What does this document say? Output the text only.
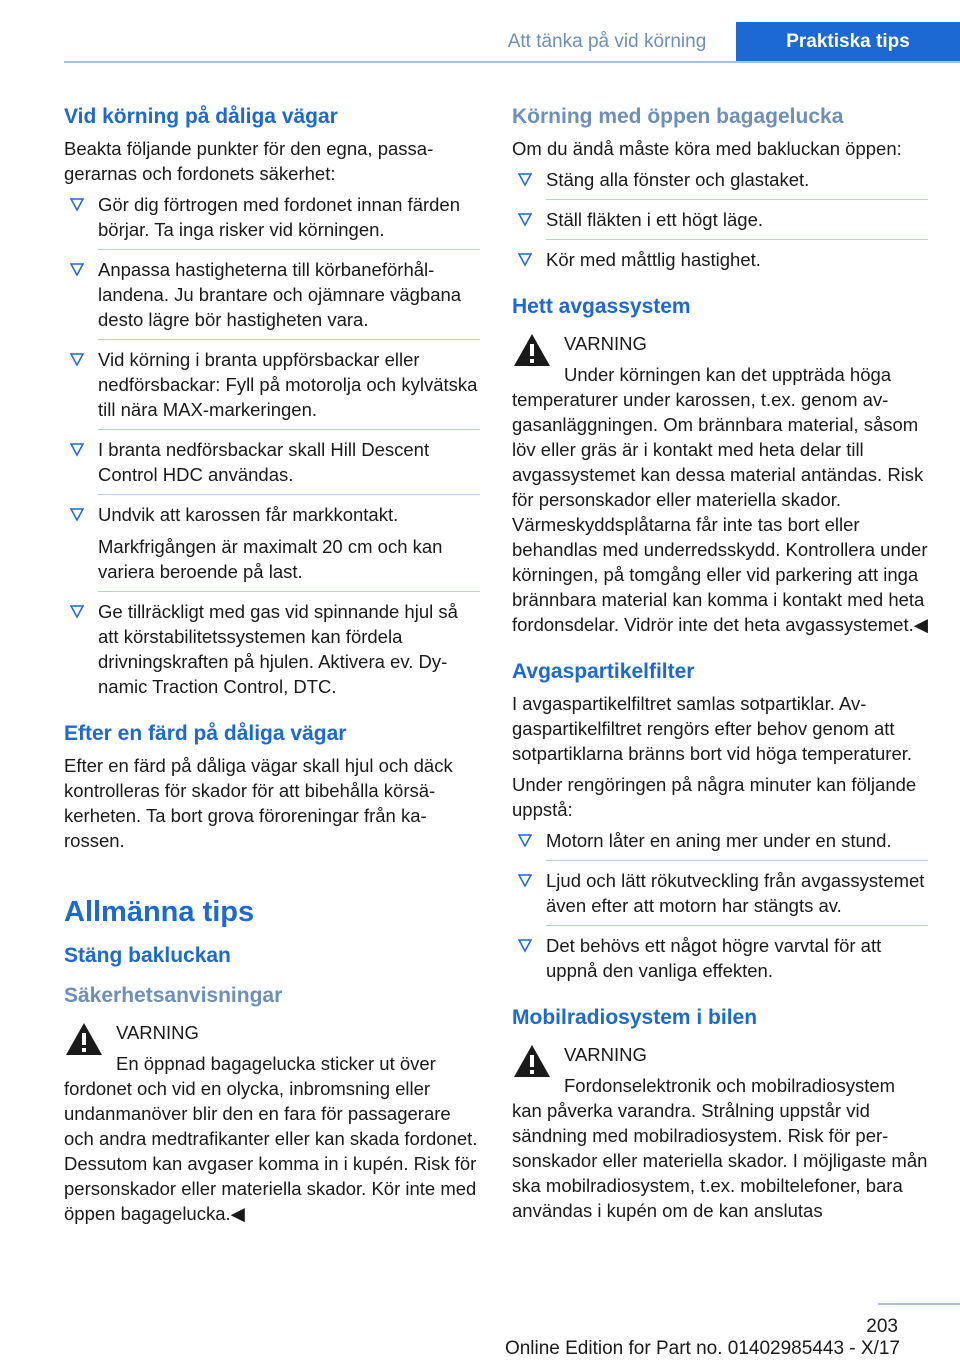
Att tänka på vid körning	Praktiska tips
Vid körning på dåliga vägar
Beakta följande punkter för den egna, passagerarnas och fordonets säkerhet:
Gör dig förtrogen med fordonet innan färden börjar. Ta inga risker vid körningen.
Anpassa hastigheterna till körbaneförhållandena. Ju brantare och ojämnare vägbana desto lägre bör hastigheten vara.
Vid körning i branta uppförsbackar eller nedförsbackar: Fyll på motorolja och kylvätska till nära MAX-markeringen.
I branta nedförsbackar skall Hill Descent Control HDC användas.
Undvik att karossen får markkontakt.
Markfrigången är maximalt 20 cm och kan variera beroende på last.
Ge tillräckligt med gas vid spinnande hjul så att körstabilitetssystemen kan fördela drivningskraften på hjulen. Aktivera ev. Dynamic Traction Control, DTC.
Efter en färd på dåliga vägar
Efter en färd på dåliga vägar skall hjul och däck kontrolleras för skador för att bibehålla körsäkerheten. Ta bort grova föroreningar från karossen.
Allmänna tips
Stäng bakluckan
Säkerhetsanvisningar
VARNING
En öppnad bagagelucka sticker ut över fordonet och vid en olycka, inbromsning eller undanmanöver blir den en fara för passagerare och andra medtrafikanter eller kan skada fordonet. Dessutom kan avgaser komma in i kupén. Risk för personskador eller materiella skador. Kör inte med öppen bagagelucka.◀
Körning med öppen bagagelucka
Om du ändå måste köra med bakluckan öppen:
Stäng alla fönster och glastaket.
Ställ fläkten i ett högt läge.
Kör med måttlig hastighet.
Hett avgassystem
VARNING
Under körningen kan det uppträda höga temperaturer under karossen, t.ex. genom avgasanläggningen. Om brännbara material, såsom löv eller gräs är i kontakt med heta delar till avgassystemet kan dessa material antändas. Risk för personskador eller materiella skador. Värmeskyddsplåtarna får inte tas bort eller behandlas med underredsskydd. Kontrollera under körningen, på tomgång eller vid parkering att inga brännbara material kan komma i kontakt med heta fordonsdelar. Vidrör inte det heta avgassystemet.◀
Avgaspartikelfilter
I avgaspartikelfiltret samlas sotpartiklar. Avgaspartikelfiltret rengörs efter behov genom att sotpartiklarna bränns bort vid höga temperaturer.
Under rengöringen på några minuter kan följande uppstå:
Motorn låter en aning mer under en stund.
Ljud och lätt rökutveckling från avgassystemet även efter att motorn har stängts av.
Det behövs ett något högre varvtal för att uppnå den vanliga effekten.
Mobilradiosystem i bilen
VARNING
Fordonselektronik och mobilradiosystem kan påverka varandra. Strålning uppstår vid sändning med mobilradiosystem. Risk för personskador eller materiella skador. I möjligaste mån ska mobilradiosystem, t.ex. mobiltelefoner, bara användas i kupén om de kan anslutas
203
Online Edition for Part no. 01402985443 - X/17
